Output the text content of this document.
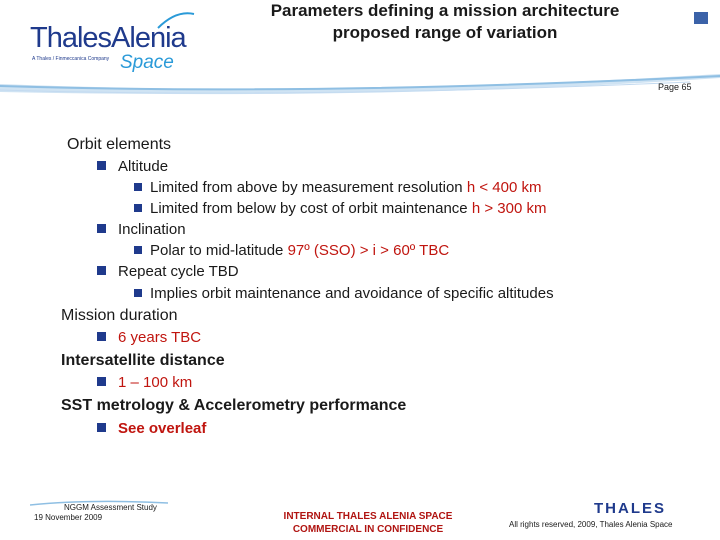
ThalesAlenia
A Thales / Finmeccanica Company Space
Parameters defining a mission architecture
proposed range of variation
Page 65
Orbit elements
Altitude
Limited from above by measurement resolution h < 400 km
Limited from below by cost of orbit maintenance h > 300 km
Inclination
Polar to mid-latitude 97º (SSO) > i > 60º TBC
Repeat cycle TBD
Implies orbit maintenance and avoidance of specific altitudes
Mission duration
6 years TBC
Intersatellite distance
1 – 100 km
SST metrology & Accelerometry performance
See overleaf
NGGM Assessment Study
19 November 2009	INTERNAL THALES ALENIA SPACE
COMMERCIAL IN CONFIDENCE
THALES
All rights reserved, 2009, Thales Alenia Space
